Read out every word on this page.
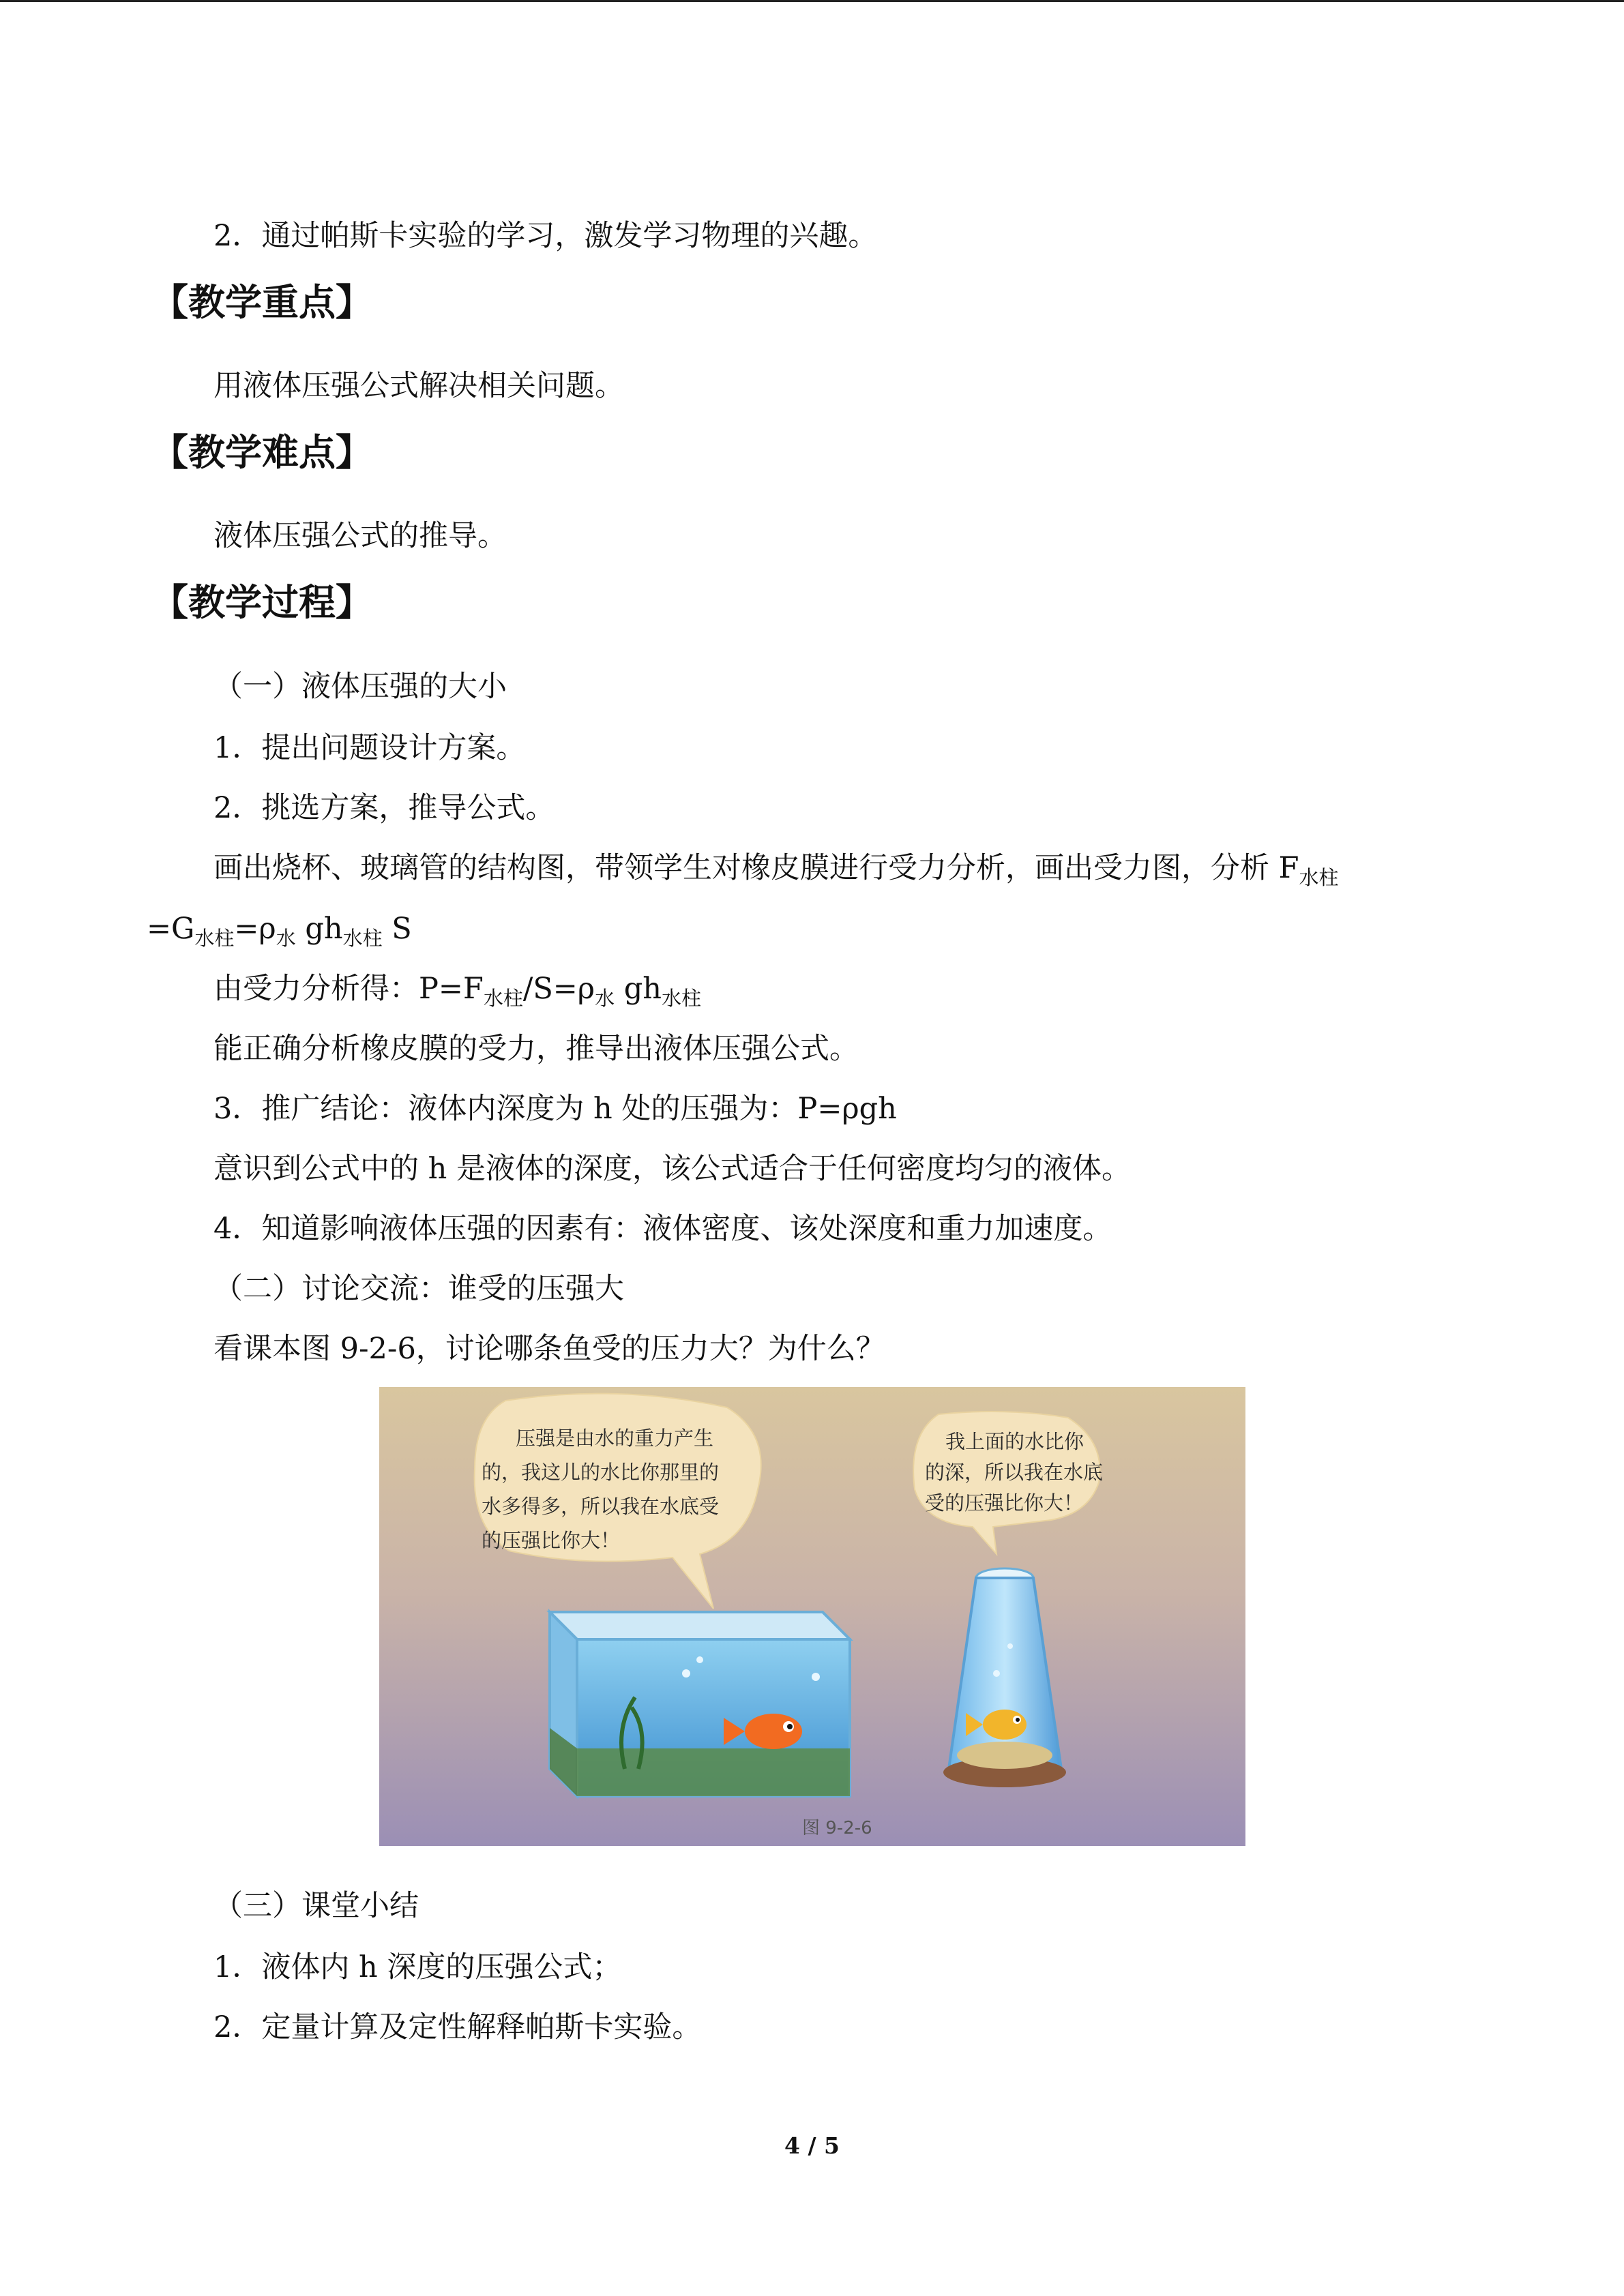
2．通过帕斯卡实验的学习，激发学习物理的兴趣。
【教学重点】
用液体压强公式解决相关问题。
【教学难点】
液体压强公式的推导。
【教学过程】
（一）液体压强的大小
1．提出问题设计方案。
2．挑选方案，推导公式。
画出烧杯、玻璃管的结构图，带领学生对橡皮膜进行受力分析，画出受力图，分析 $F_{水柱}$
$=G_{水柱}=\rho_水$ $gh_{水柱}$ S
由受力分析得：$P=F_{水柱}/S=\rho_水$ $gh_{水柱}$
能正确分析橡皮膜的受力，推导出液体压强公式。
3．推广结论：液体内深度为 h 处的压强为：P=ρgh
意识到公式中的 h 是液体的深度，该公式适合于任何密度均匀的液体。
4．知道影响液体压强的因素有：液体密度、该处深度和重力加速度。
（二）讨论交流：谁受的压强大
看课本图 9-2-6，讨论哪条鱼受的压力大？为什么？
压强是由水的重力产生
的，我这儿的水比你那里的
水多得多，所以我在水底受
的压强比你大！
我上面的水比你
的深，所以我在水底
受的压强比你大！
图 9-2-6
（三）课堂小结
1．液体内 h 深度的压强公式；
2．定量计算及定性解释帕斯卡实验。
4 / 5
